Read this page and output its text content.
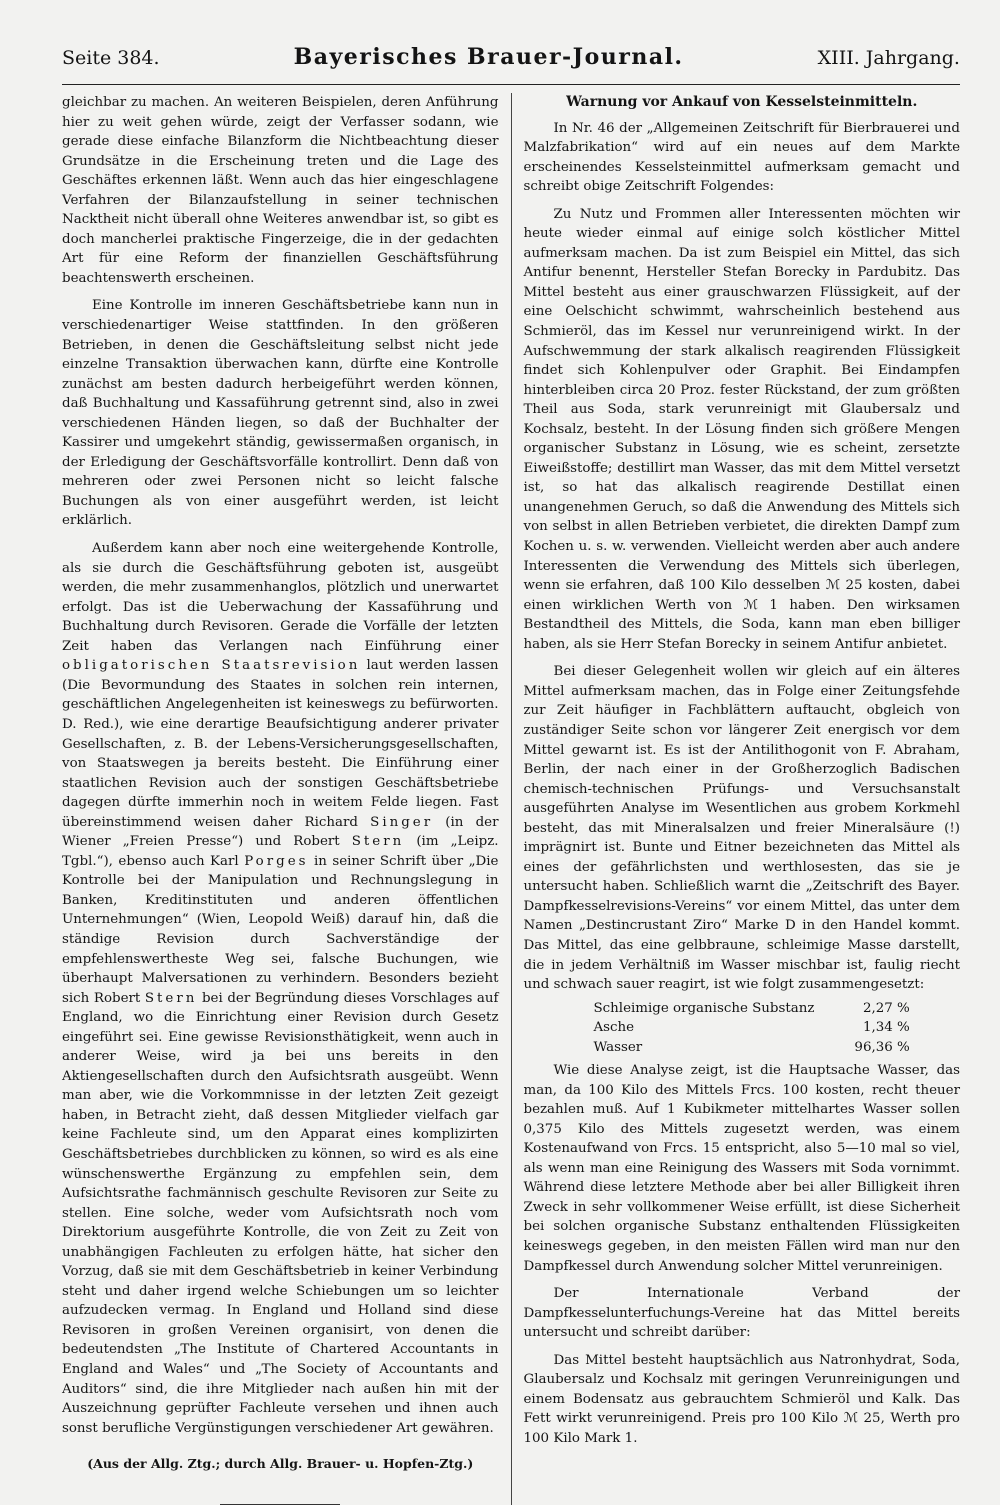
Seite 384.	Bayerisches Brauer-Journal.	XIII. Jahrgang.

gleichbar zu machen. An weiteren Beispielen, deren Anführung hier zu weit gehen würde, zeigt der Verfasser sodann, wie gerade diese einfache Bilanzform die Nichtbeachtung dieser Grundsätze in die Erscheinung treten und die Lage des Geschäftes erkennen läßt. Wenn auch das hier eingeschlagene Verfahren der Bilanzaufstellung in seiner technischen Nacktheit nicht überall ohne Weiteres anwendbar ist, so gibt es doch mancherlei praktische Fingerzeige, die in der gedachten Art für eine Reform der finanziellen Geschäftsführung beachtenswerth erscheinen.

Eine Kontrolle im inneren Geschäftsbetriebe kann nun in verschiedenartiger Weise stattfinden. In den größeren Betrieben, in denen die Geschäftsleitung selbst nicht jede einzelne Transaktion überwachen kann, dürfte eine Kontrolle zunächst am besten dadurch herbeigeführt werden können, daß Buchhaltung und Kassaführung getrennt sind, also in zwei verschiedenen Händen liegen, so daß der Buchhalter der Kassirer und umgekehrt ständig, gewissermaßen organisch, in der Erledigung der Geschäftsvorfälle kontrollirt. Denn daß von mehreren oder zwei Personen nicht so leicht falsche Buchungen als von einer ausgeführt werden, ist leicht erklärlich.

Außerdem kann aber noch eine weitergehende Kontrolle, als sie durch die Geschäftsführung geboten ist, ausgeübt werden, die mehr zusammenhanglos, plötzlich und unerwartet erfolgt. Das ist die Ueberwachung der Kassaführung und Buchhaltung durch Revisoren. Gerade die Vorfälle der letzten Zeit haben das Verlangen nach Einführung einer obligatorischen Staatsrevision laut werden lassen (Die Bevormundung des Staates in solchen rein internen, geschäftlichen Angelegenheiten ist keineswegs zu befürworten. D. Red.), wie eine derartige Beaufsichtigung anderer privater Gesellschaften, z. B. der Lebens-Versicherungsgesellschaften, von Staatswegen ja bereits besteht. Die Einführung einer staatlichen Revision auch der sonstigen Geschäftsbetriebe dagegen dürfte immerhin noch in weitem Felde liegen. Fast übereinstimmend weisen daher Richard Singer (in der Wiener „Freien Presse“) und Robert Stern (im „Leipz. Tgbl.“), ebenso auch Karl Porges in seiner Schrift über „Die Kontrolle bei der Manipulation und Rechnungslegung in Banken, Kreditinstituten und anderen öffentlichen Unternehmungen“ (Wien, Leopold Weiß) darauf hin, daß die ständige Revision durch Sachverständige der empfehlenswertheste Weg sei, falsche Buchungen, wie überhaupt Malversationen zu verhindern. Besonders bezieht sich Robert Stern bei der Begründung dieses Vorschlages auf England, wo die Einrichtung einer Revision durch Gesetz eingeführt sei. Eine gewisse Revisionsthätigkeit, wenn auch in anderer Weise, wird ja bei uns bereits in den Aktiengesellschaften durch den Aufsichtsrath ausgeübt. Wenn man aber, wie die Vorkommnisse in der letzten Zeit gezeigt haben, in Betracht zieht, daß dessen Mitglieder vielfach gar keine Fachleute sind, um den Apparat eines komplizirten Geschäftsbetriebes durchblicken zu können, so wird es als eine wünschenswerthe Ergänzung zu empfehlen sein, dem Aufsichtsrathe fachmännisch geschulte Revisoren zur Seite zu stellen. Eine solche, weder vom Aufsichtsrath noch vom Direktorium ausgeführte Kontrolle, die von Zeit zu Zeit von unabhängigen Fachleuten zu erfolgen hätte, hat sicher den Vorzug, daß sie mit dem Geschäftsbetrieb in keiner Verbindung steht und daher irgend welche Schiebungen um so leichter aufzudecken vermag. In England und Holland sind diese Revisoren in großen Vereinen organisirt, von denen die bedeutendsten „The Institute of Chartered Accountants in England and Wales“ und „The Society of Accountants and Auditors“ sind, die ihre Mitglieder nach außen hin mit der Auszeichnung geprüfter Fachleute versehen und ihnen auch sonst berufliche Vergünstigungen verschiedener Art gewähren.

(Aus der Allg. Ztg.; durch Allg. Brauer- u. Hopfen-Ztg.)
Warnung vor Ankauf von Kesselsteinmitteln.

In Nr. 46 der „Allgemeinen Zeitschrift für Bierbrauerei und Malzfabrikation“ wird auf ein neues auf dem Markte erscheinendes Kesselsteinmittel aufmerksam gemacht und schreibt obige Zeitschrift Folgendes:

Zu Nutz und Frommen aller Interessenten möchten wir heute wieder einmal auf einige solch köstlicher Mittel aufmerksam machen. Da ist zum Beispiel ein Mittel, das sich Antifur benennt, Hersteller Stefan Borecky in Pardubitz. Das Mittel besteht aus einer grauschwarzen Flüssigkeit, auf der eine Oelschicht schwimmt, wahrscheinlich bestehend aus Schmieröl, das im Kessel nur verunreinigend wirkt. In der Aufschwemmung der stark alkalisch reagirenden Flüssigkeit findet sich Kohlenpulver oder Graphit. Bei Eindampfen hinterbleiben circa 20 Proz. fester Rückstand, der zum größten Theil aus Soda, stark verunreinigt mit Glaubersalz und Kochsalz, besteht. In der Lösung finden sich größere Mengen organischer Substanz in Lösung, wie es scheint, zersetzte Eiweißstoffe; destillirt man Wasser, das mit dem Mittel versetzt ist, so hat das alkalisch reagirende Destillat einen unangenehmen Geruch, so daß die Anwendung des Mittels sich von selbst in allen Betrieben verbietet, die direkten Dampf zum Kochen u. s. w. verwenden. Vielleicht werden aber auch andere Interessenten die Verwendung des Mittels sich überlegen, wenn sie erfahren, daß 100 Kilo desselben ℳ 25 kosten, dabei einen wirklichen Werth von ℳ 1 haben. Den wirksamen Bestandtheil des Mittels, die Soda, kann man eben billiger haben, als sie Herr Stefan Borecky in seinem Antifur anbietet.

Bei dieser Gelegenheit wollen wir gleich auf ein älteres Mittel aufmerksam machen, das in Folge einer Zeitungsfehde zur Zeit häufiger in Fachblättern auftaucht, obgleich von zuständiger Seite schon vor längerer Zeit energisch vor dem Mittel gewarnt ist. Es ist der Antilithogonit von F. Abraham, Berlin, der nach einer in der Großherzoglich Badischen chemisch-technischen Prüfungs- und Versuchsanstalt ausgeführten Analyse im Wesentlichen aus grobem Korkmehl besteht, das mit Mineralsalzen und freier Mineralsäure (!) imprägnirt ist. Bunte und Eitner bezeichneten das Mittel als eines der gefährlichsten und werthlosesten, das sie je untersucht haben. Schließlich warnt die „Zeitschrift des Bayer. Dampfkesselrevisions-Vereins“ vor einem Mittel, das unter dem Namen „Destincrustant Ziro“ Marke D in den Handel kommt. Das Mittel, das eine gelbbraune, schleimige Masse darstellt, die in jedem Verhältniß im Wasser mischbar ist, faulig riecht und schwach sauer reagirt, ist wie folgt zusammengesetzt:

Schleimige organische Substanz	2,27 %
Asche	1,34 %
Wasser	96,36 %

Wie diese Analyse zeigt, ist die Hauptsache Wasser, das man, da 100 Kilo des Mittels Frcs. 100 kosten, recht theuer bezahlen muß. Auf 1 Kubikmeter mittelhartes Wasser sollen 0,375 Kilo des Mittels zugesetzt werden, was einem Kostenaufwand von Frcs. 15 entspricht, also 5—10 mal so viel, als wenn man eine Reinigung des Wassers mit Soda vornimmt. Während diese letztere Methode aber bei aller Billigkeit ihren Zweck in sehr vollkommener Weise erfüllt, ist diese Sicherheit bei solchen organische Substanz enthaltenden Flüssigkeiten keineswegs gegeben, in den meisten Fällen wird man nur den Dampfkessel durch Anwendung solcher Mittel verunreinigen.

Der Internationale Verband der Dampfkesselunterfuchungs-Vereine hat das Mittel bereits untersucht und schreibt darüber:

Das Mittel besteht hauptsächlich aus Natronhydrat, Soda, Glaubersalz und Kochsalz mit geringen Verunreinigungen und einem Bodensatz aus gebrauchtem Schmieröl und Kalk. Das Fett wirkt verunreinigend. Preis pro 100 Kilo ℳ 25, Werth pro 100 Kilo Mark 1.
